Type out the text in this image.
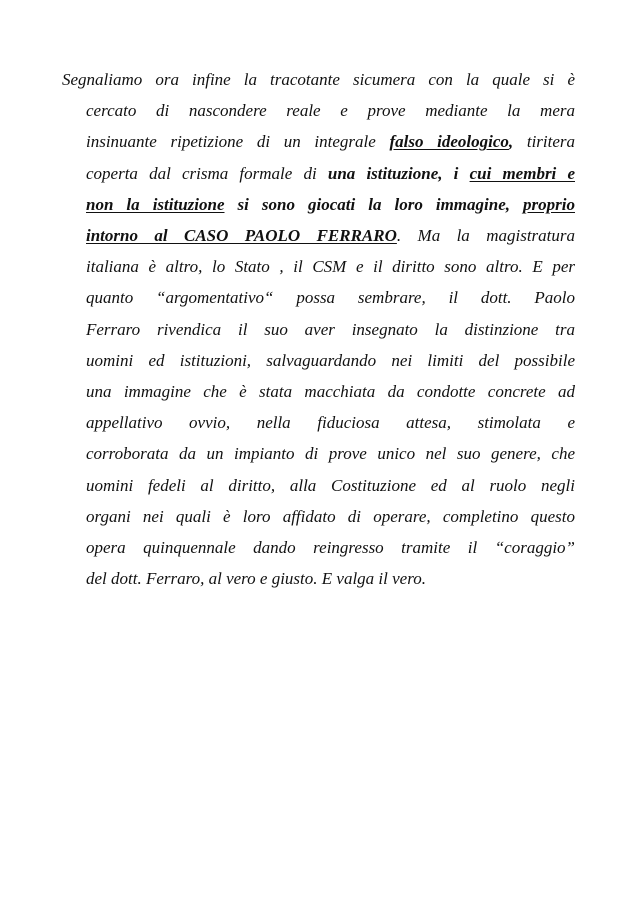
Segnaliamo ora infine la tracotante sicumera con la quale si è
cercato di nascondere reale e prove mediante la mera
insinuante ripetizione di un integrale falso ideologico, tiritera
coperta dal crisma formale di una istituzione, i cui membri e
non la istituzione si sono giocati la loro immagine, proprio
intorno al CASO PAOLO FERRARO. Ma la magistratura
italiana è altro, lo Stato , il CSM e il diritto sono altro. E per
quanto “argomentativo“ possa sembrare, il dott. Paolo
Ferraro rivendica il suo aver insegnato la distinzione tra
uomini ed istituzioni, salvaguardando nei limiti del possibile
una immagine che è stata macchiata da condotte concrete ad
appellativo ovvio, nella fiduciosa attesa, stimolata e
corroborata da un impianto di prove unico nel suo genere, che
uomini fedeli al diritto, alla Costituzione ed al ruolo negli
organi nei quali è loro affidato di operare, completino questo
opera quinquennale dando reingresso tramite il “coraggio”
del dott. Ferraro, al vero e giusto. E valga il vero.
